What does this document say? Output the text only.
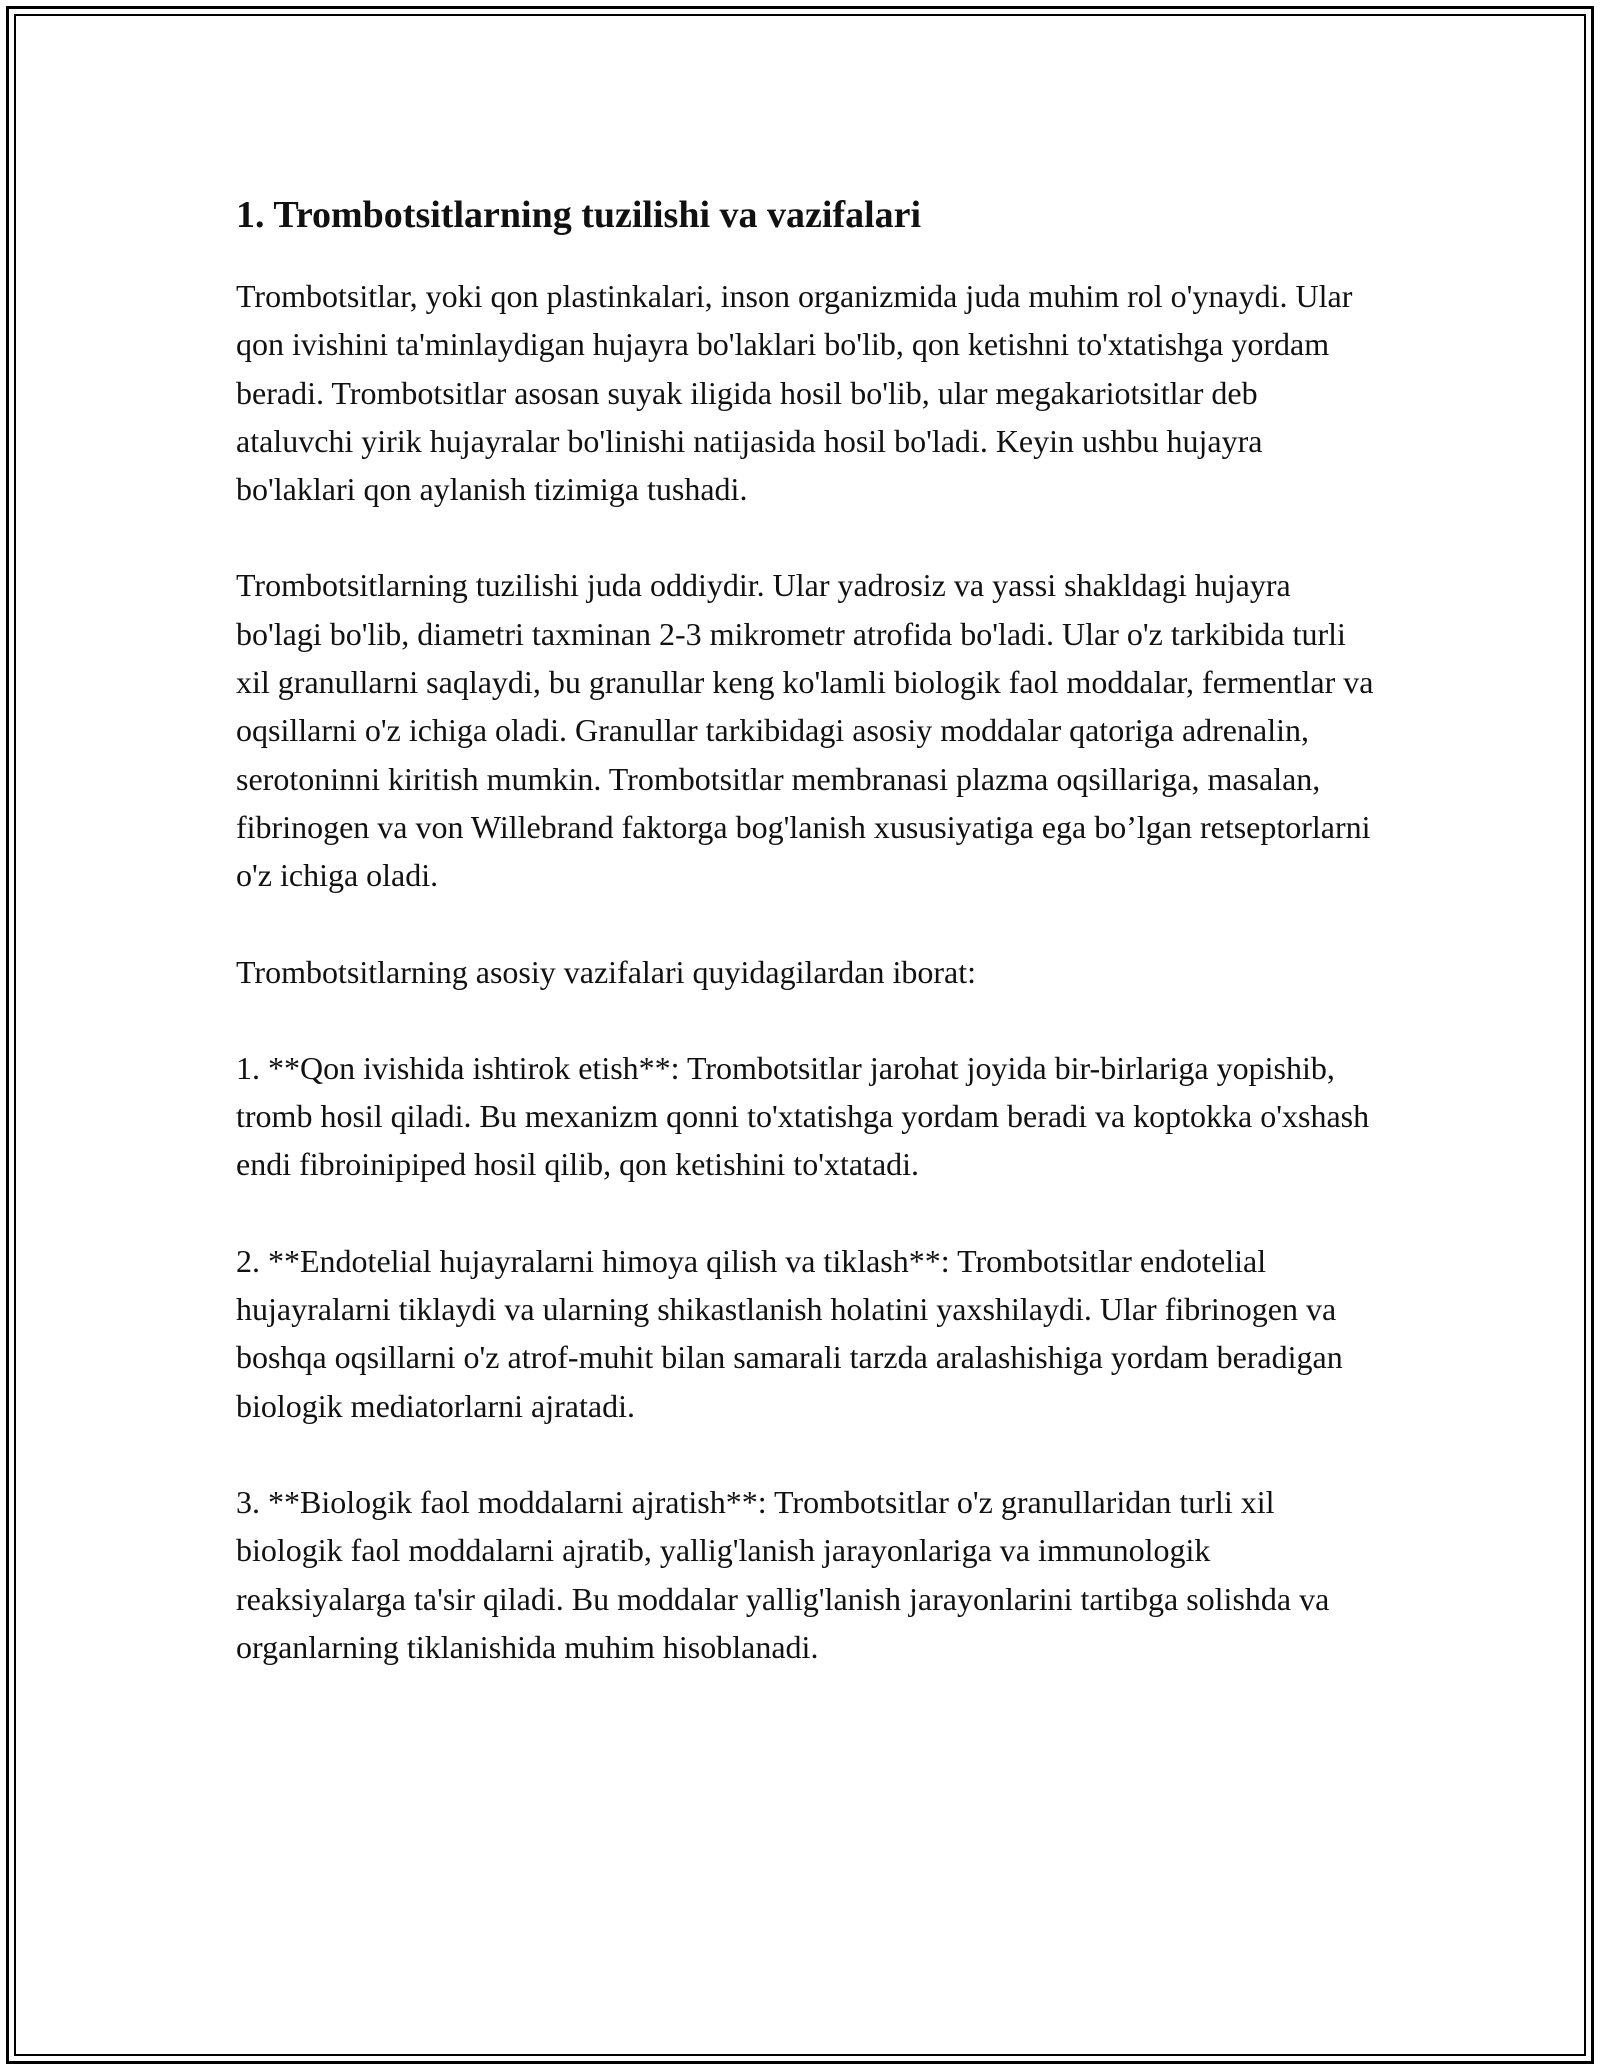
1. Trombotsitlarning tuzilishi va vazifalari

Trombotsitlar, yoki qon plastinkalari, inson organizmida juda muhim rol o'ynaydi. Ular qon ivishini ta'minlaydigan hujayra bo'laklari bo'lib, qon ketishni to'xtatishga yordam beradi. Trombotsitlar asosan suyak iligida hosil bo'lib, ular megakariotsitlar deb ataluvchi yirik hujayralar bo'linishi natijasida hosil bo'ladi. Keyin ushbu hujayra bo'laklari qon aylanish tizimiga tushadi.

Trombotsitlarning tuzilishi juda oddiydir. Ular yadrosiz va yassi shakldagi hujayra bo'lagi bo'lib, diametri taxminan 2-3 mikrometr atrofida bo'ladi. Ular o'z tarkibida turli xil granullarni saqlaydi, bu granullar keng ko'lamli biologik faol moddalar, fermentlar va oqsillarni o'z ichiga oladi. Granullar tarkibidagi asosiy moddalar qatoriga adrenalin, serotoninni kiritish mumkin. Trombotsitlar membranasi plazma oqsillariga, masalan, fibrinogen va von Willebrand faktorga bog'lanish xususiyatiga ega bo’lgan retseptorlarni o'z ichiga oladi.

Trombotsitlarning asosiy vazifalari quyidagilardan iborat:

1. **Qon ivishida ishtirok etish**: Trombotsitlar jarohat joyida bir-birlariga yopishib, tromb hosil qiladi. Bu mexanizm qonni to'xtatishga yordam beradi va koptokka o'xshash endi fibroinipiped hosil qilib, qon ketishini to'xtatadi.

2. **Endotelial hujayralarni himoya qilish va tiklash**: Trombotsitlar endotelial hujayralarni tiklaydi va ularning shikastlanish holatini yaxshilaydi. Ular fibrinogen va boshqa oqsillarni o'z atrof-muhit bilan samarali tarzda aralashishiga yordam beradigan biologik mediatorlarni ajratadi.

3. **Biologik faol moddalarni ajratish**: Trombotsitlar o'z granullaridan turli xil biologik faol moddalarni ajratib, yallig'lanish jarayonlariga va immunologik reaksiyalarga ta'sir qiladi. Bu moddalar yallig'lanish jarayonlarini tartibga solishda va organlarning tiklanishida muhim hisoblanadi.
